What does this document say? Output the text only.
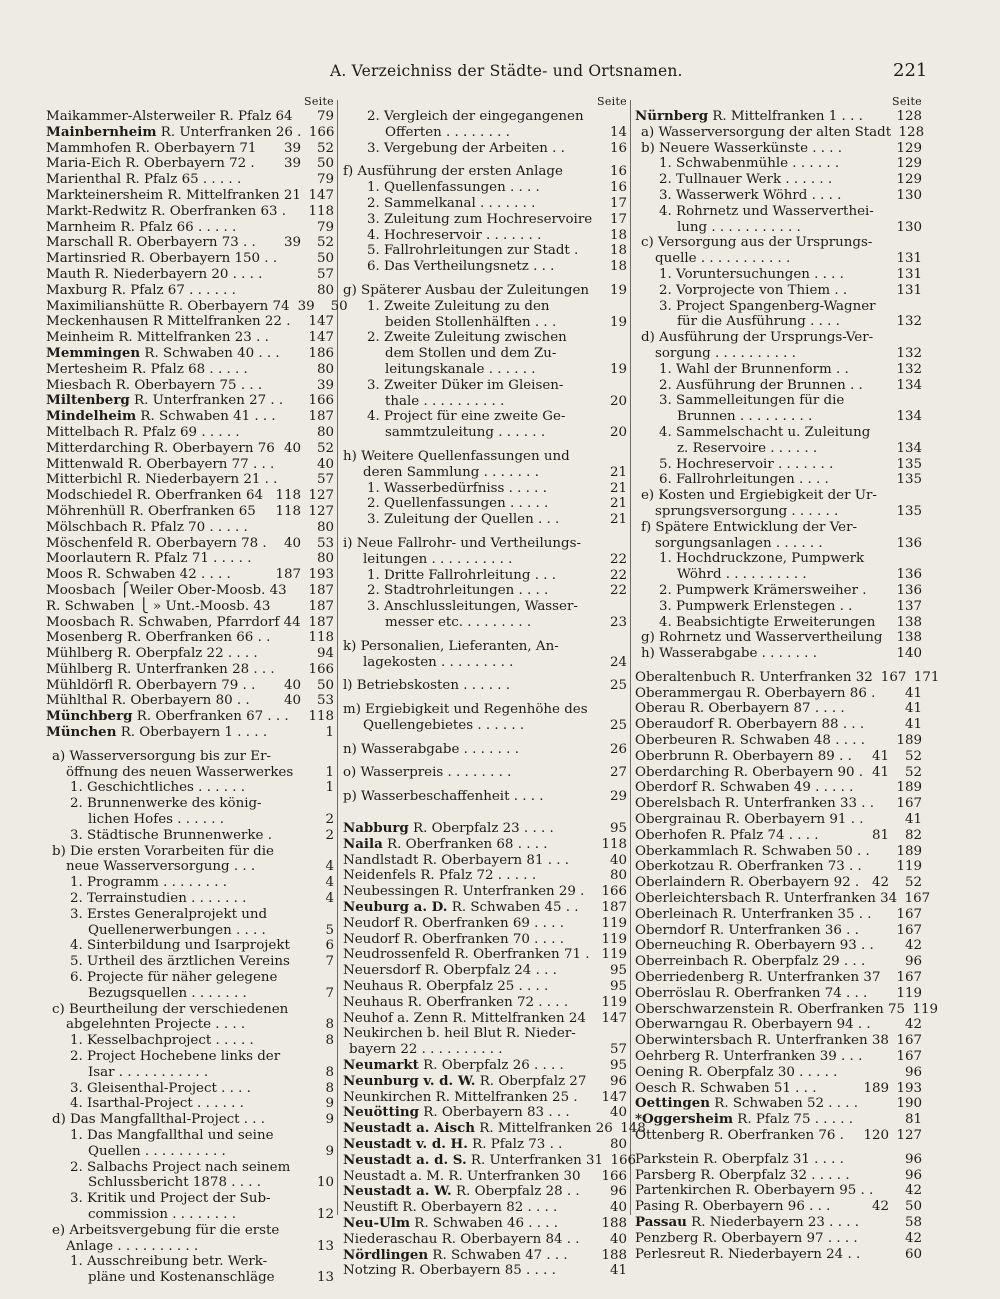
A. Verzeichniss der Städte- und Ortsnamen.	221
Seite
Maikammer-Alsterweiler R. Pfalz 64	79
Mainbernheim R. Unterfranken 26 . 166
Mammhofen R. Oberbayern 71	39	52
Maria-Eich R. Oberbayern 72 .	39	50
Marienthal R. Pfalz 65 . . . . .	79
Markteinersheim R. Mittelfranken 21 147
Markt-Redwitz R. Oberfranken 63 .	118
Marnheim R. Pfalz 66 . . . . .	79
Marschall R. Oberbayern 73 . .	39	52
Martinsried R. Oberbayern 150 . .	50
Mauth R. Niederbayern 20 . . . .	57
Maxburg R. Pfalz 67 . . . . . .	80
Maximilianshütte R. Oberbayern 74 39	50
Meckenhausen R Mittelfranken 22 .	147
Meinheim R. Mittelfranken 23 . .	147
Memmingen R. Schwaben 40 . . .	186
Mertesheim R. Pfalz 68 . . . . .	80
Miesbach R. Oberbayern 75 . . .	39
Miltenberg R. Unterfranken 27 . .	166
Mindelheim R. Schwaben 41 . . .	187
Mittelbach R. Pfalz 69 . . . . .	80
Mitterdarching R. Oberbayern 76 40	52
Mittenwald R. Oberbayern 77 . . .	40
Mitterbichl R. Niederbayern 21 . .	57
Modschiedel R. Oberfranken 64 118 127
Möhrenhüll R. Oberfranken 65	118 127
Mölschbach R. Pfalz 70 . . . . .	80
Möschenfeld R. Oberbayern 78 .	40	53
Moorlautern R. Pfalz 71 . . . . .	80
Moos R. Schwaben 42 . . . .	187 193
Moosbach ⎧Weiler Ober-Moosb. 43	187
R. Schwaben ⎩ » Unt.-Moosb. 43	187
Moosbach R. Schwaben, Pfarrdorf 44 187
Mosenberg R. Oberfranken 66 . .	118
Mühlberg R. Oberpfalz 22 . . . .	94
Mühlberg R. Unterfranken 28 . . .	166
Mühldörfl R. Oberbayern 79 . .	40	50
Mühlthal R. Oberbayern 80 . .	40	53
Münchberg R. Oberfranken 67 . . .	118
München R. Oberbayern 1 . . . .	1
a) Wasserversorgung bis zur Er-
öffnung des neuen Wasserwerkes	1
1. Geschichtliches . . . . . .	1
2. Brunnenwerke des könig-
lichen Hofes . . . . . .	2
3. Städtische Brunnenwerke .	2
b) Die ersten Vorarbeiten für die
neue Wasserversorgung . . .	4
1. Programm . . . . . . . .	4
2. Terrainstudien . . . . . . .	4
3. Erstes Generalprojekt und
Quellenerwerbungen . . . .	5
4. Sinterbildung und Isarprojekt	6
5. Urtheil des ärztlichen Vereins	7
6. Projecte für näher gelegene
Bezugsquellen . . . . . . .	7
c) Beurtheilung der verschiedenen
abgelehnten Projecte . . . .	8
1. Kesselbachproject . . . . .	8
2. Project Hochebene links der
Isar . . . . . . . . . . .	8
3. Gleisenthal-Project . . . .	8
4. Isarthal-Project . . . . . .	9
d) Das Mangfallthal-Project . . .	9
1. Das Mangfallthal und seine
Quellen . . . . . . . . . .	9
2. Salbachs Project nach seinem
Schlussbericht 1878 . . . .	10
3. Kritik und Project der Sub-
commission . . . . . . . .	12
e) Arbeitsvergebung für die erste
Anlage . . . . . . . . . .	13
1. Ausschreibung betr. Werk-
pläne und Kostenanschläge	13
Seite
2. Vergleich der eingegangenen
Offerten . . . . . . . .	14
3. Vergebung der Arbeiten . .	16
f) Ausführung der ersten Anlage	16
1. Quellenfassungen . . . .	16
2. Sammelkanal . . . . . . .	17
3. Zuleitung zum Hochreservoire	17
4. Hochreservoir . . . . . . .	18
5. Fallrohrleitungen zur Stadt .	18
6. Das Vertheilungsnetz . . .	18
g) Späterer Ausbau der Zuleitungen	19
1. Zweite Zuleitung zu den
beiden Stollenhälften . . .	19
2. Zweite Zuleitung zwischen
dem Stollen und dem Zu-
leitungskanale . . . . . .	19
3. Zweiter Düker im Gleisen-
thale . . . . . . . . . .	20
4. Project für eine zweite Ge-
sammtzuleitung . . . . . .	20
h) Weitere Quellenfassungen und
deren Sammlung . . . . . . .	21
1. Wasserbedürfniss . . . . .	21
2. Quellenfassungen . . . . .	21
3. Zuleitung der Quellen . . .	21
i) Neue Fallrohr- und Vertheilungs-
leitungen . . . . . . . . . .	22
1. Dritte Fallrohrleitung . . .	22
2. Stadtrohrleitungen . . . .	22
3. Anschlussleitungen, Wasser-
messer etc. . . . . . . . .	23
k) Personalien, Lieferanten, An-
lagekosten . . . . . . . . .	24
l) Betriebskosten . . . . . .	25
m) Ergiebigkeit und Regenhöhe des
Quellengebietes . . . . . .	25
n) Wasserabgabe . . . . . . .	26
o) Wasserpreis . . . . . . . .	27
p) Wasserbeschaffenheit . . . .	29
Nabburg R. Oberpfalz 23 . . . .	95
Naila R. Oberfranken 68 . . . .	118
Nandlstadt R. Oberbayern 81 . . .	40
Neidenfels R. Pfalz 72 . . . . .	80
Neubessingen R. Unterfranken 29 .	166
Neuburg a. D. R. Schwaben 45 . .	187
Neudorf R. Oberfranken 69 . . . .	119
Neudorf R. Oberfranken 70 . . . .	119
Neudrossenfeld R. Oberfranken 71 . 119
Neuersdorf R. Oberpfalz 24 . . .	95
Neuhaus R. Oberpfalz 25 . . . .	95
Neuhaus R. Oberfranken 72 . . . .	119
Neuhof a. Zenn R. Mittelfranken 24	147
Neukirchen b. heil Blut R. Nieder-
bayern 22 . . . . . . . . . .	57
Neumarkt R. Oberpfalz 26 . . . .	95
Neunburg v. d. W. R. Oberpfalz 27	96
Neunkirchen R. Mittelfranken 25 .	147
Neuötting R. Oberbayern 83 . . .	40
Neustadt a. Aisch R. Mittelfranken 26 148
Neustadt v. d. H. R. Pfalz 73 . .	80
Neustadt a. d. S. R. Unterfranken 31 166
Neustadt a. M. R. Unterfranken 30	166
Neustadt a. W. R. Oberpfalz 28 . .	96
Neustift R. Oberbayern 82 . . . .	40
Neu-Ulm R. Schwaben 46 . . . .	188
Niederaschau R. Oberbayern 84 . .	40
Nördlingen R. Schwaben 47 . . .	188
Notzing R. Oberbayern 85 . . . .	41
Seite
Nürnberg R. Mittelfranken 1 . . .	128
a) Wasserversorgung der alten Stadt 128
b) Neuere Wasserkünste . . . .	129
1. Schwabenmühle . . . . . .	129
2. Tullnauer Werk . . . . . .	129
3. Wasserwerk Wöhrd . . . .	130
4. Rohrnetz und Wasserverthei-
lung . . . . . . . . . . .	130
c) Versorgung aus der Ursprungs-
quelle . . . . . . . . . . .	131
1. Voruntersuchungen . . . .	131
2. Vorprojecte von Thiem . .	131
3. Project Spangenberg-Wagner
für die Ausführung . . . .	132
d) Ausführung der Ursprungs-Ver-
sorgung . . . . . . . . . .	132
1. Wahl der Brunnenform . .	132
2. Ausführung der Brunnen . .	134
3. Sammelleitungen für die
Brunnen . . . . . . . . .	134
4. Sammelschacht u. Zuleitung
z. Reservoire . . . . . .	134
5. Hochreservoir . . . . . . .	135
6. Fallrohrleitungen . . . .	135
e) Kosten und Ergiebigkeit der Ur-
sprungsversorgung . . . . . .	135
f) Spätere Entwicklung der Ver-
sorgungsanlagen . . . . . .	136
1. Hochdruckzone, Pumpwerk
Wöhrd . . . . . . . . . .	136
2. Pumpwerk Krämersweiher .	136
3. Pumpwerk Erlenstegen . .	137
4. Beabsichtigte Erweiterungen	138
g) Rohrnetz und Wasservertheilung	138
h) Wasserabgabe . . . . . . .	140
Oberaltenbuch R. Unterfranken 32 167 171
Oberammergau R. Oberbayern 86 .	41
Oberau R. Oberbayern 87 . . . .	41
Oberaudorf R. Oberbayern 88 . . .	41
Oberbeuren R. Schwaben 48 . . . .	189
Oberbrunn R. Oberbayern 89 . .	41	52
Oberdarching R. Oberbayern 90 . 41	52
Oberdorf R. Schwaben 49 . . . . .	189
Oberelsbach R. Unterfranken 33 . .	167
Obergrainau R. Oberbayern 91 . .	41
Oberhofen R. Pfalz 74 . . . .	81	82
Oberkammlach R. Schwaben 50 . .	189
Oberkotzau R. Oberfranken 73 . .	119
Oberlaindern R. Oberbayern 92 . 42	52
Oberleichtersbach R. Unterfranken 34 167
Oberleinach R. Unterfranken 35 . .	167
Oberndorf R. Unterfranken 36 . .	167
Oberneuching R. Oberbayern 93 . .	42
Oberreinbach R. Oberpfalz 29 . . .	96
Oberriedenberg R. Unterfranken 37	167
Oberröslau R. Oberfranken 74 . . .	119
Oberschwarzenstein R. Oberfranken 75 119
Oberwarngau R. Oberbayern 94 . .	42
Oberwintersbach R. Unterfranken 38 167
Oehrberg R. Unterfranken 39 . . .	167
Oening R. Oberpfalz 30 . . . . .	96
Oesch R. Schwaben 51 . . .	189 193
Oettingen R. Schwaben 52 . . . .	190
*Oggersheim R. Pfalz 75 . . . . .	81
Ottenberg R. Oberfranken 76 .	120 127
Parkstein R. Oberpfalz 31 . . . .	96
Parsberg R. Oberpfalz 32 . . . . .	96
Partenkirchen R. Oberbayern 95 . .	42
Pasing R. Oberbayern 96 . . .	42	50
Passau R. Niederbayern 23 . . . .	58
Penzberg R. Oberbayern 97 . . . .	42
Perlesreut R. Niederbayern 24 . .	60
